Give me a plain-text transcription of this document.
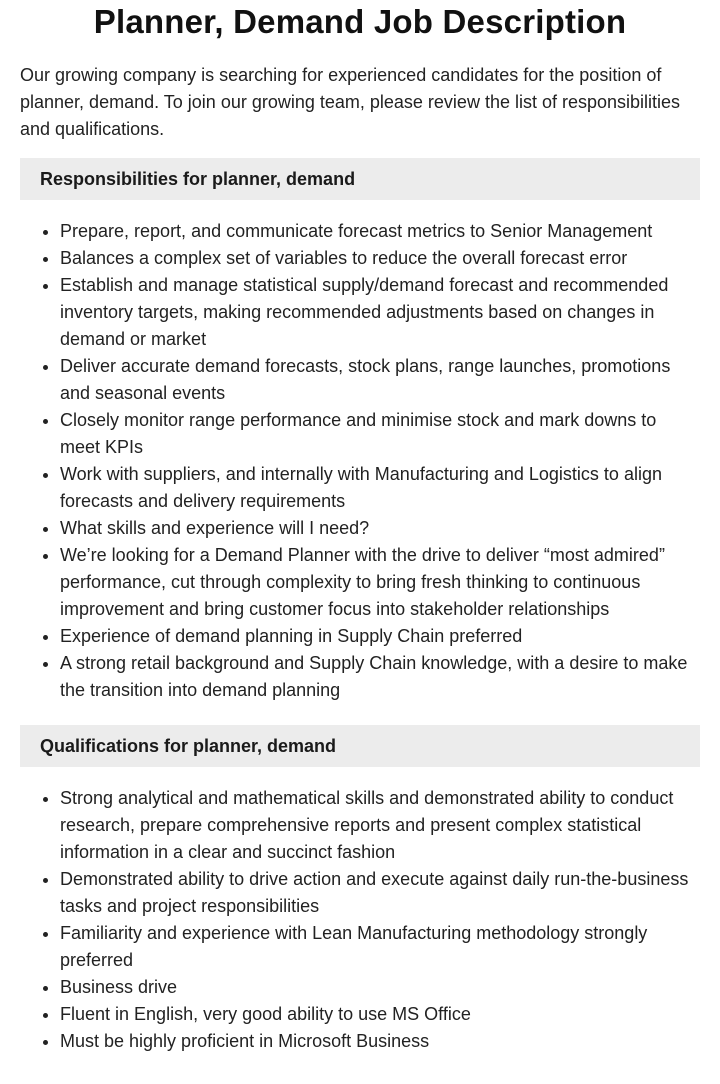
Planner, Demand Job Description

Our growing company is searching for experienced candidates for the position of planner, demand. To join our growing team, please review the list of responsibilities and qualifications.

Responsibilities for planner, demand
• Prepare, report, and communicate forecast metrics to Senior Management
• Balances a complex set of variables to reduce the overall forecast error
• Establish and manage statistical supply/demand forecast and recommended inventory targets, making recommended adjustments based on changes in demand or market
• Deliver accurate demand forecasts, stock plans, range launches, promotions and seasonal events
• Closely monitor range performance and minimise stock and mark downs to meet KPIs
• Work with suppliers, and internally with Manufacturing and Logistics to align forecasts and delivery requirements
• What skills and experience will I need?
• We’re looking for a Demand Planner with the drive to deliver “most admired” performance, cut through complexity to bring fresh thinking to continuous improvement and bring customer focus into stakeholder relationships
• Experience of demand planning in Supply Chain preferred
• A strong retail background and Supply Chain knowledge, with a desire to make the transition into demand planning
Qualifications for planner, demand
• Strong analytical and mathematical skills and demonstrated ability to conduct research, prepare comprehensive reports and present complex statistical information in a clear and succinct fashion
• Demonstrated ability to drive action and execute against daily run-the-business tasks and project responsibilities
• Familiarity and experience with Lean Manufacturing methodology strongly preferred
• Business drive
• Fluent in English, very good ability to use MS Office
• Must be highly proficient in Microsoft Business
